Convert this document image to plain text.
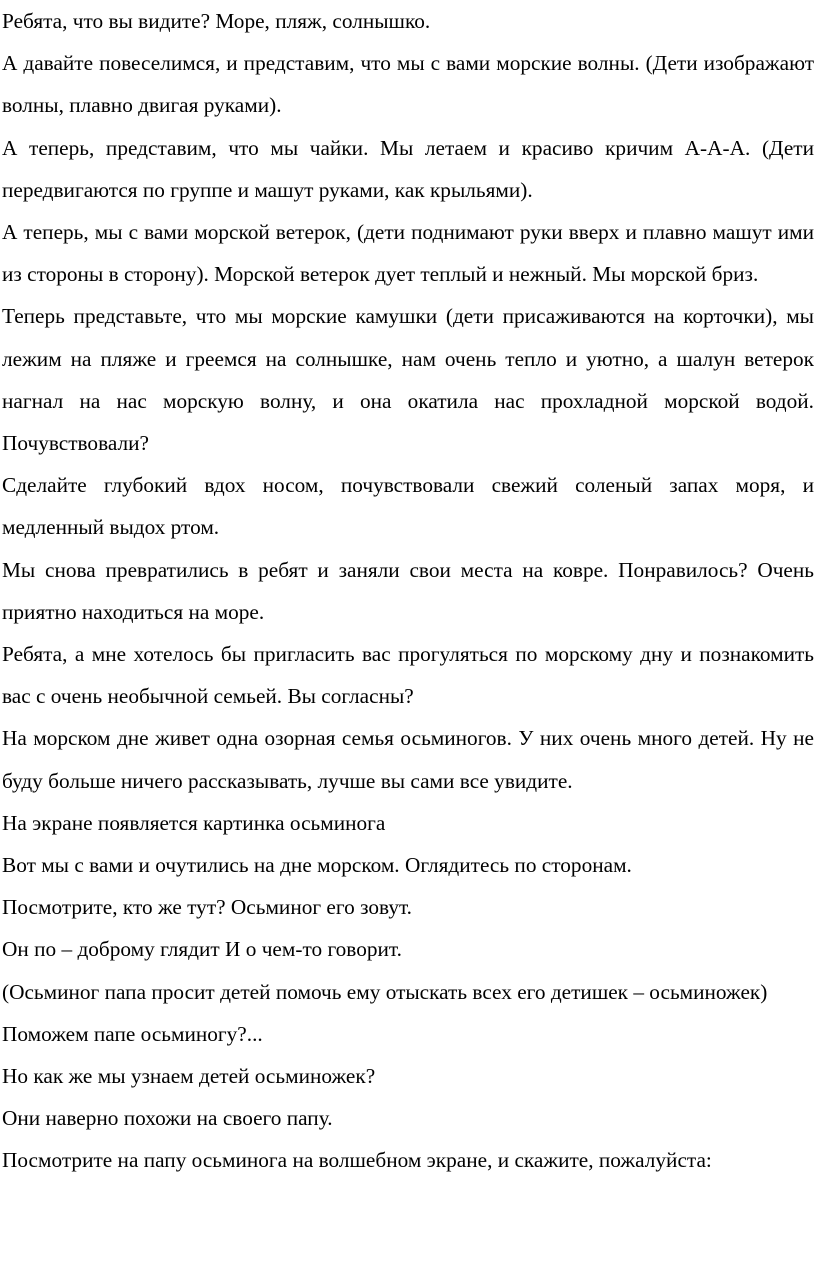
Ребята, что вы видите? Море, пляж, солнышко.

А давайте повеселимся, и представим, что мы с вами морские волны. (Дети изображают волны, плавно двигая руками).

А теперь, представим, что мы чайки. Мы летаем и красиво кричим А-А-А. (Дети передвигаются по группе и машут руками, как крыльями).

А теперь, мы с вами морской ветерок, (дети поднимают руки вверх и плавно машут ими из стороны в сторону). Морской ветерок дует теплый и нежный. Мы морской бриз.

Теперь представьте, что мы морские камушки (дети присаживаются на корточки), мы лежим на пляже и греемся на солнышке, нам очень тепло и уютно, а шалун ветерок нагнал на нас морскую волну, и она окатила нас прохладной морской водой. Почувствовали?

Сделайте глубокий вдох носом, почувствовали свежий соленый запах моря, и медленный выдох ртом.

Мы снова превратились в ребят и заняли свои места на ковре. Понравилось? Очень приятно находиться на море.

Ребята, а мне хотелось бы пригласить вас прогуляться по морскому дну и познакомить вас с очень необычной семьей. Вы согласны?

На морском дне живет одна озорная семья осьминогов. У них очень много детей. Ну не буду больше ничего рассказывать, лучше вы сами все увидите.

На экране появляется картинка осьминога

Вот мы с вами и очутились на дне морском. Оглядитесь по сторонам.

Посмотрите, кто же тут? Осьминог его зовут.

Он по – доброму глядит И о чем-то говорит.

(Осьминог папа просит детей помочь ему отыскать всех его детишек – осьминожек)

Поможем папе осьминогу?...

Но как же мы узнаем детей осьминожек?

Они наверно похожи на своего папу.

Посмотрите на папу осьминога на волшебном экране, и скажите, пожалуйста:
